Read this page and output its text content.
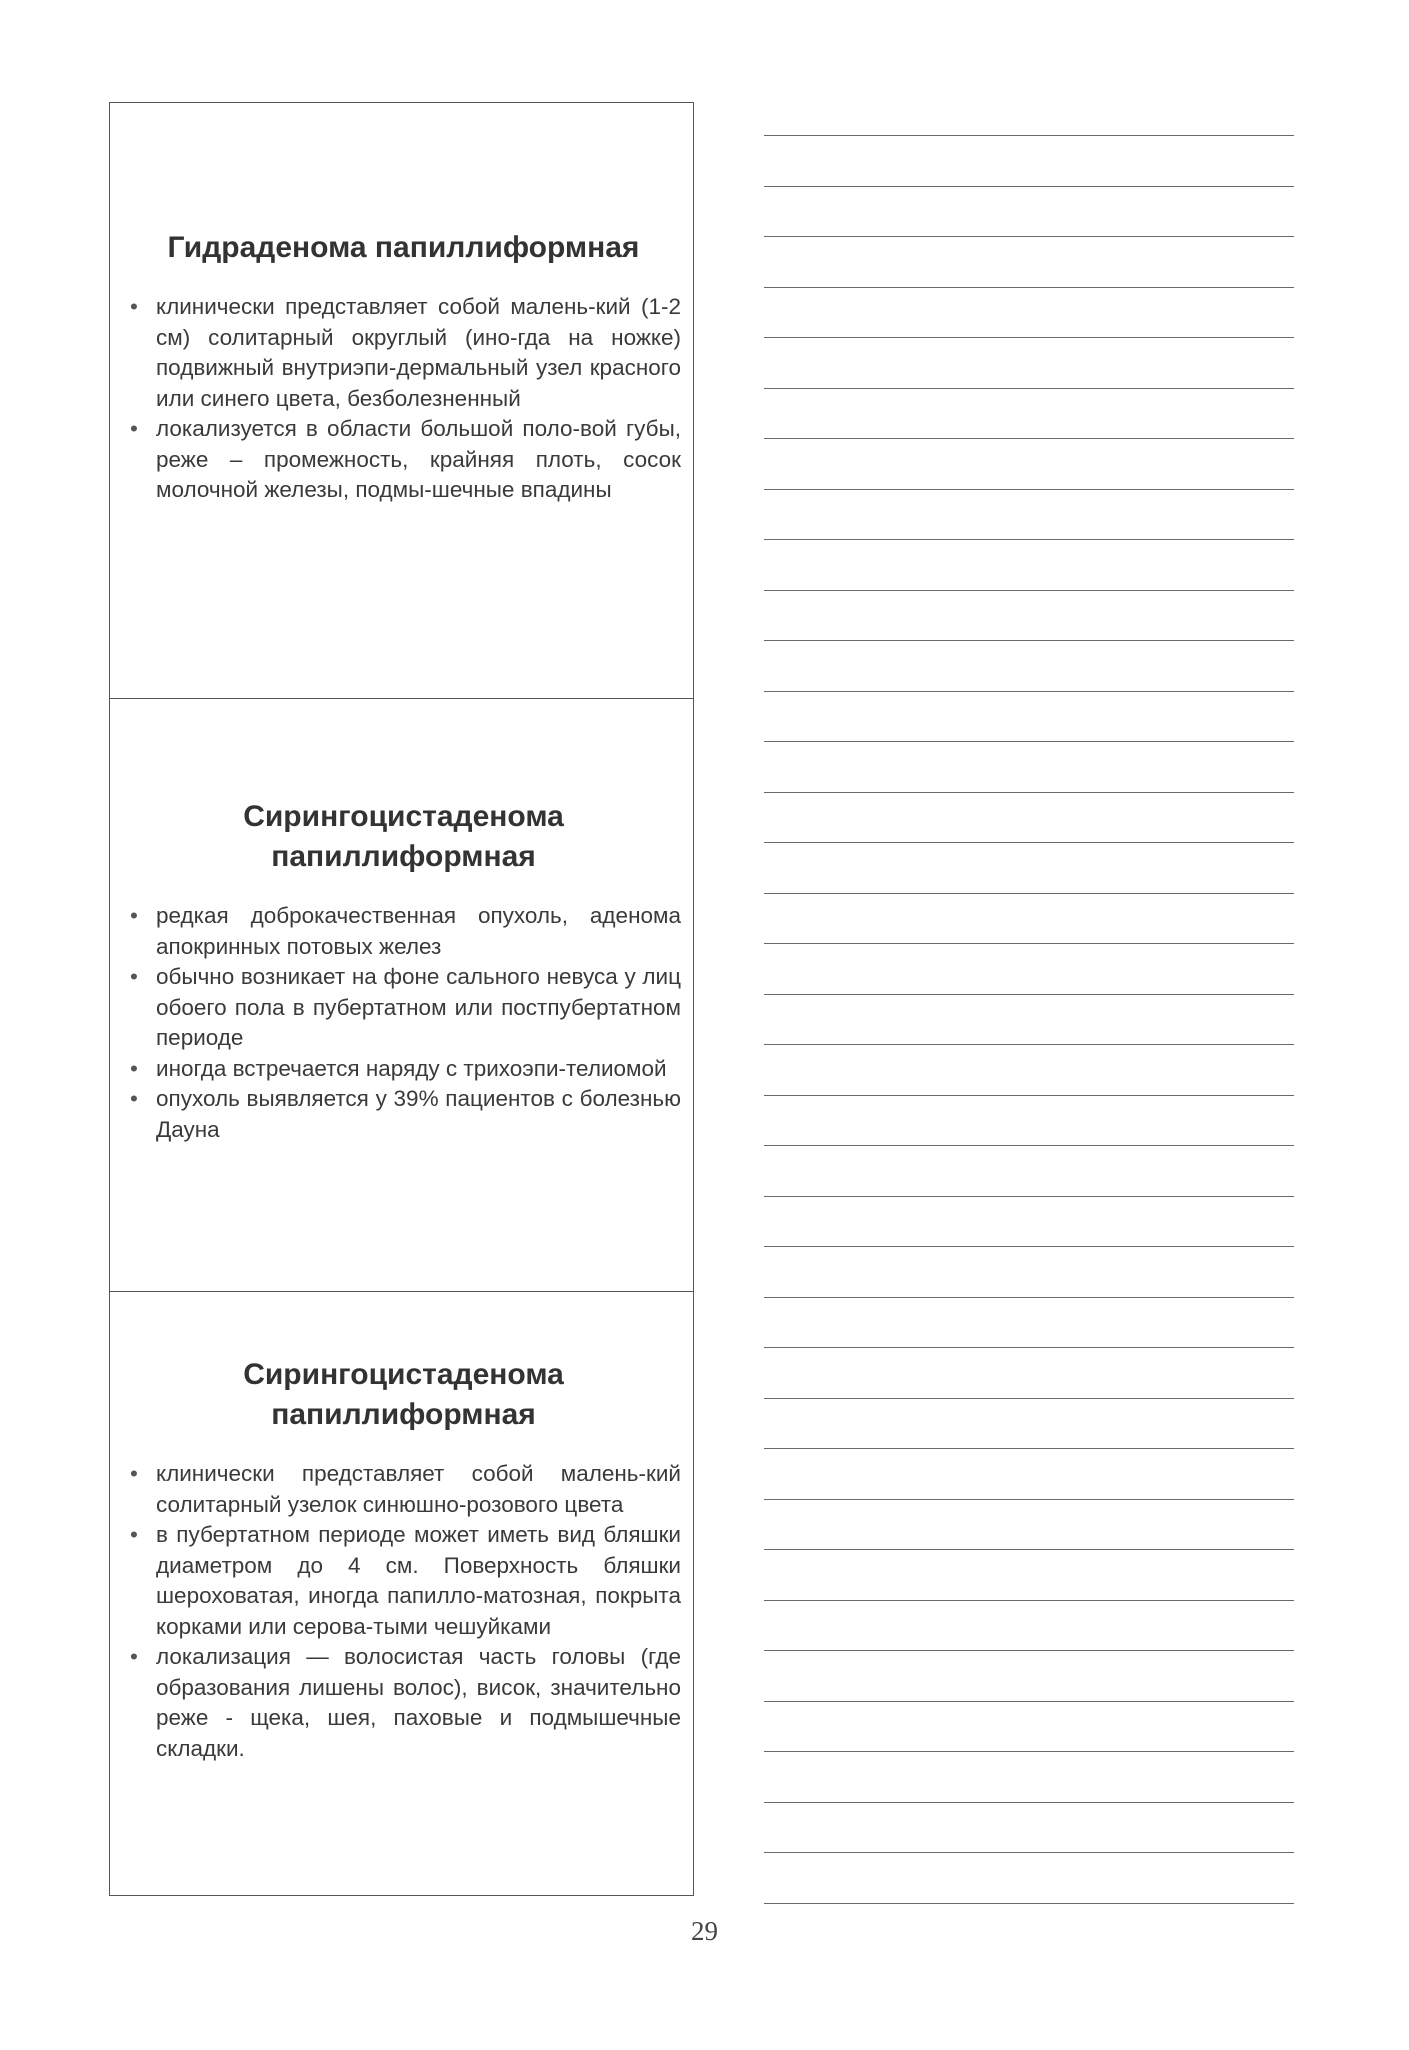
Гидраденома папиллиформная
• клинически представляет собой малень-кий (1-2 см) солитарный округлый (ино-гда на ножке) подвижный внутриэпи-дермальный узел красного или синего цвета, безболезненный
• локализуется в области большой поло-вой губы, реже – промежность, крайняя плоть, сосок молочной железы, подмы-шечные впадины
Сирингоцистаденома папиллиформная
• редкая доброкачественная опухоль, аденома апокринных потовых желез
• обычно возникает на фоне сального невуса у лиц обоего пола в пубертатном или постпубертатном периоде
• иногда встречается наряду с трихоэпи-телиомой
• опухоль выявляется у 39% пациентов с болезнью Дауна
Сирингоцистаденома папиллиформная
• клинически представляет собой малень-кий солитарный узелок синюшно-розового цвета
• в пубертатном периоде может иметь вид бляшки диаметром до 4 см. Поверхность бляшки шероховатая, иногда папилло-матозная, покрыта корками или серова-тыми чешуйками
• локализация — волосистая часть головы (где образования лишены волос), висок, значительно реже - щека, шея, паховые и подмышечные складки.
29
